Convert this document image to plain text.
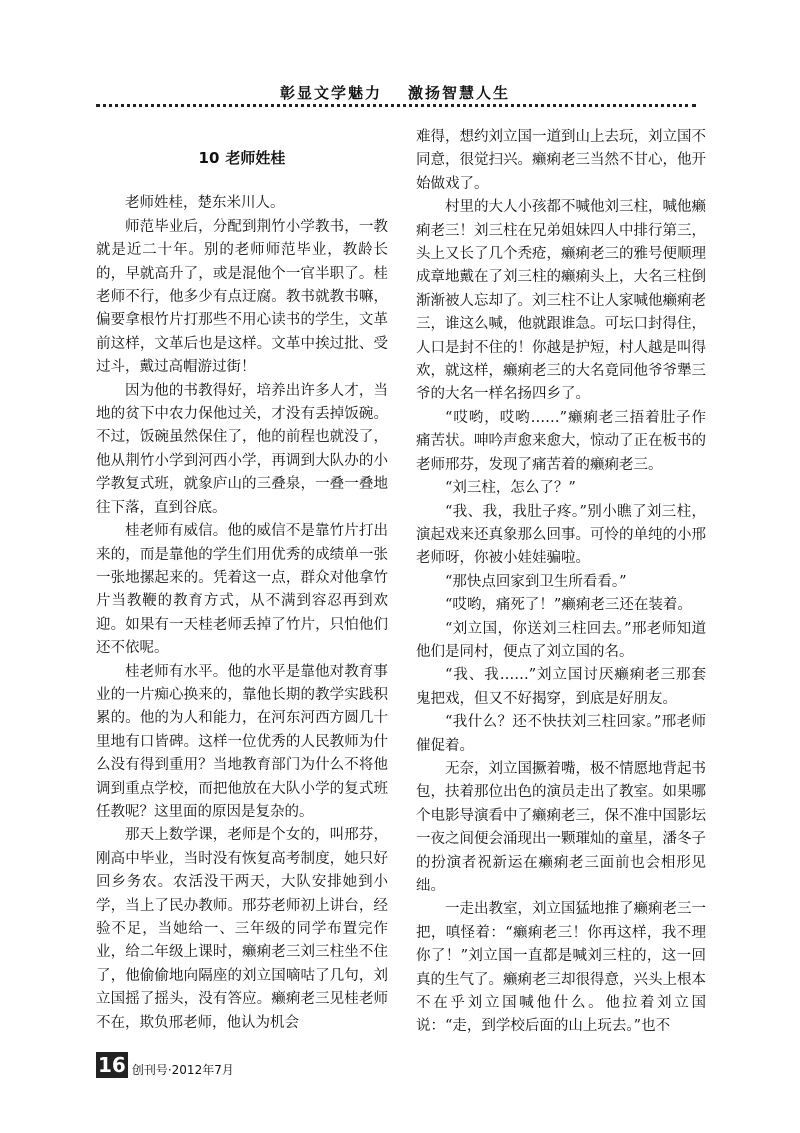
彰显文学魅力 激扬智慧人生
10 老师姓桂

老师姓桂，楚东米川人。

师范毕业后，分配到荆竹小学教书，一教就是近二十年。别的老师师范毕业，教龄长的，早就高升了，或是混他个一官半职了。桂老师不行，他多少有点迂腐。教书就教书嘛，偏要拿根竹片打那些不用心读书的学生，文革前这样，文革后也是这样。文革中挨过批、受过斗，戴过高帽游过街！

因为他的书教得好，培养出许多人才，当地的贫下中农力保他过关，才没有丢掉饭碗。不过，饭碗虽然保住了，他的前程也就没了，他从荆竹小学到河西小学，再调到大队办的小学教复式班，就象庐山的三叠泉，一叠一叠地往下落，直到谷底。

桂老师有威信。他的威信不是靠竹片打出来的，而是靠他的学生们用优秀的成绩单一张一张地摞起来的。凭着这一点，群众对他拿竹片当教鞭的教育方式，从不满到容忍再到欢迎。如果有一天桂老师丢掉了竹片，只怕他们还不依呢。

桂老师有水平。他的水平是靠他对教育事业的一片痴心换来的，靠他长期的教学实践积累的。他的为人和能力，在河东河西方圆几十里地有口皆碑。这样一位优秀的人民教师为什么没有得到重用？当地教育部门为什么不将他调到重点学校，而把他放在大队小学的复式班任教呢？这里面的原因是复杂的。

那天上数学课，老师是个女的，叫邢芬，刚高中毕业，当时没有恢复高考制度，她只好回乡务农。农活没干两天，大队安排她到小学，当上了民办教师。邢芬老师初上讲台，经验不足，当她给一、三年级的同学布置完作业，给二年级上课时，癞痢老三刘三柱坐不住了，他偷偷地向隔座的刘立国嘀咕了几句，刘立国摇了摇头，没有答应。癞痢老三见桂老师不在，欺负邢老师，他认为机会

难得，想约刘立国一道到山上去玩，刘立国不同意，很觉扫兴。癞痢老三当然不甘心，他开始做戏了。

村里的大人小孩都不喊他刘三柱，喊他癞痢老三！刘三柱在兄弟姐妹四人中排行第三，头上又长了几个秃疮，癞痢老三的雅号便顺理成章地戴在了刘三柱的癞痢头上，大名三柱倒渐渐被人忘却了。刘三柱不让人家喊他癞痢老三，谁这么喊，他就跟谁急。可坛口封得住，人口是封不住的！你越是护短，村人越是叫得欢，就这样，癞痢老三的大名竟同他爷爷犟三爷的大名一样名扬四乡了。

“哎哟，哎哟……”癞痢老三捂着肚子作痛苦状。呻吟声愈来愈大，惊动了正在板书的老师邢芬，发现了痛苦着的癞痢老三。

“刘三柱，怎么了？”

“我、我，我肚子疼。”别小瞧了刘三柱，演起戏来还真象那么回事。可怜的单纯的小邢老师呀，你被小娃娃骗啦。

“那快点回家到卫生所看看。”

“哎哟，痛死了！”癞痢老三还在装着。

“刘立国，你送刘三柱回去。”邢老师知道他们是同村，便点了刘立国的名。

“我、我……”刘立国讨厌癞痢老三那套鬼把戏，但又不好揭穿，到底是好朋友。

“我什么？还不快扶刘三柱回家。”邢老师催促着。

无奈，刘立国撅着嘴，极不情愿地背起书包，扶着那位出色的演员走出了教室。如果哪个电影导演看中了癞痢老三，保不准中国影坛一夜之间便会涌现出一颗璀灿的童星，潘冬子的扮演者祝新运在癞痢老三面前也会相形见绌。

一走出教室，刘立国猛地推了癞痢老三一把，嗔怪着：“癞痢老三！你再这样，我不理你了！”刘立国一直都是喊刘三柱的，这一回真的生气了。癞痢老三却很得意，兴头上根本不在乎刘立国喊他什么。他拉着刘立国说：“走，到学校后面的山上玩去。”也不

16 创刊号·2012年7月
